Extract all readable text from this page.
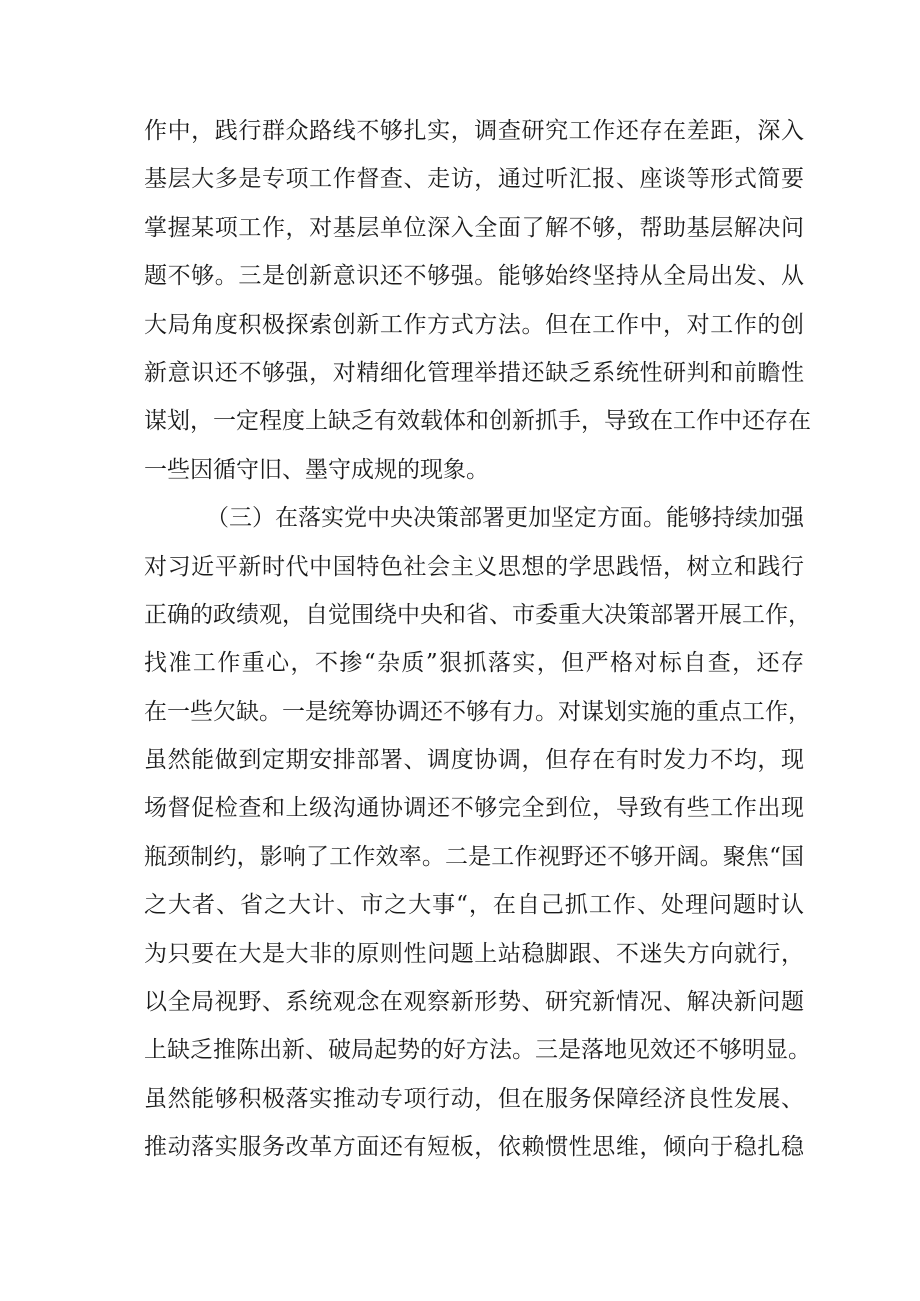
作中，践行群众路线不够扎实，调查研究工作还存在差距，深入
基层大多是专项工作督查、走访，通过听汇报、座谈等形式简要
掌握某项工作，对基层单位深入全面了解不够，帮助基层解决问
题不够。三是创新意识还不够强。能够始终坚持从全局出发、从
大局角度积极探索创新工作方式方法。但在工作中，对工作的创
新意识还不够强，对精细化管理举措还缺乏系统性研判和前瞻性
谋划，一定程度上缺乏有效载体和创新抓手，导致在工作中还存在
一些因循守旧、墨守成规的现象。
（三）在落实党中央决策部署更加坚定方面。能够持续加强
对习近平新时代中国特色社会主义思想的学思践悟，树立和践行
正确的政绩观，自觉围绕中央和省、市委重大决策部署开展工作，
找准工作重心，不掺“杂质”狠抓落实，但严格对标自查，还存
在一些欠缺。一是统筹协调还不够有力。对谋划实施的重点工作，
虽然能做到定期安排部署、调度协调，但存在有时发力不均，现
场督促检查和上级沟通协调还不够完全到位，导致有些工作出现
瓶颈制约，影响了工作效率。二是工作视野还不够开阔。聚焦“国
之大者、省之大计、市之大事“，在自己抓工作、处理问题时认
为只要在大是大非的原则性问题上站稳脚跟、不迷失方向就行，
以全局视野、系统观念在观察新形势、研究新情况、解决新问题
上缺乏推陈出新、破局起势的好方法。三是落地见效还不够明显。
虽然能够积极落实推动专项行动，但在服务保障经济良性发展、
推动落实服务改革方面还有短板，依赖惯性思维，倾向于稳扎稳
